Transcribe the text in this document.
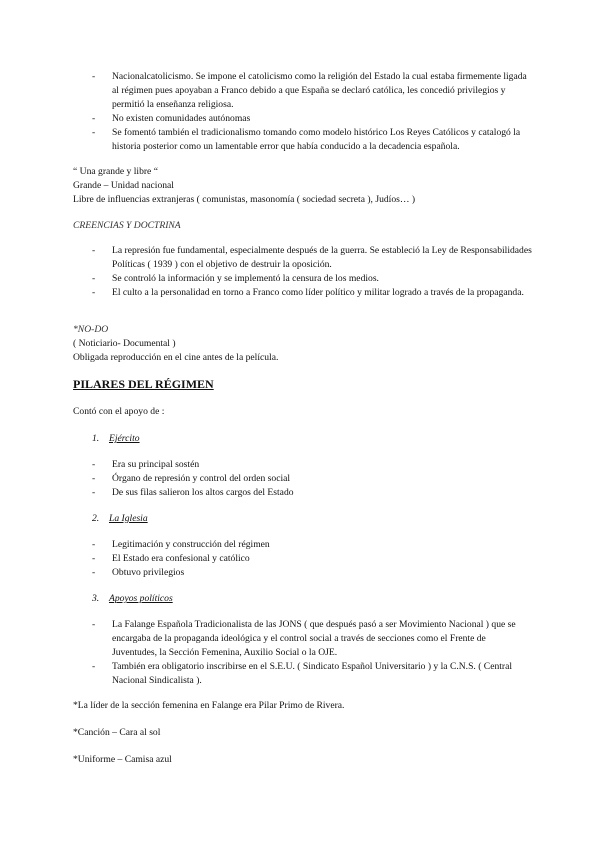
- Nacionalcatolicismo. Se impone el catolicismo como la religión del Estado la cual estaba firmemente ligada al régimen pues apoyaban a Franco debido a que España se declaró católica, les concedió privilegios y permitió la enseñanza religiosa.
- No existen comunidades autónomas
- Se fomentó también el tradicionalismo tomando como modelo histórico Los Reyes Católicos y catalogó la historia posterior como un lamentable error que había conducido a la decadencia española.
“ Una grande y libre “
Grande – Unidad nacional
Libre de influencias extranjeras ( comunistas, masonomía ( sociedad secreta ), Judíos… )
CREENCIAS Y DOCTRINA
- La represión fue fundamental, especialmente después de la guerra. Se estableció la Ley de Responsabilidades Políticas ( 1939 ) con el objetivo de destruir la oposición.
- Se controló la información y se implementó la censura de los medios.
- El culto a la personalidad en torno a Franco como líder político y militar logrado a través de la propaganda.
*NO-DO
( Noticiario- Documental )
Obligada reproducción en el cine antes de la película.
PILARES DEL RÉGIMEN
Contó con el apoyo de :
1. Ejército
- Era su principal sostén
- Órgano de represión y control del orden social
- De sus filas salieron los altos cargos del Estado
2. La Iglesia
- Legitimación y construcción del régimen
- El Estado era confesional y católico
- Obtuvo privilegios
3. Apoyos políticos
- La Falange Española Tradicionalista de las JONS ( que después pasó a ser Movimiento Nacional ) que se encargaba de la propaganda ideológica y el control social a través de secciones como el Frente de Juventudes, la Sección Femenina, Auxilio Social o la OJE.
- También era obligatorio inscribirse en el S.E.U. ( Sindicato Español Universitario ) y la C.N.S. ( Central Nacional Sindicalista ).
*La líder de la sección femenina en Falange era Pilar Primo de Rivera.
*Canción – Cara al sol
*Uniforme – Camisa azul
